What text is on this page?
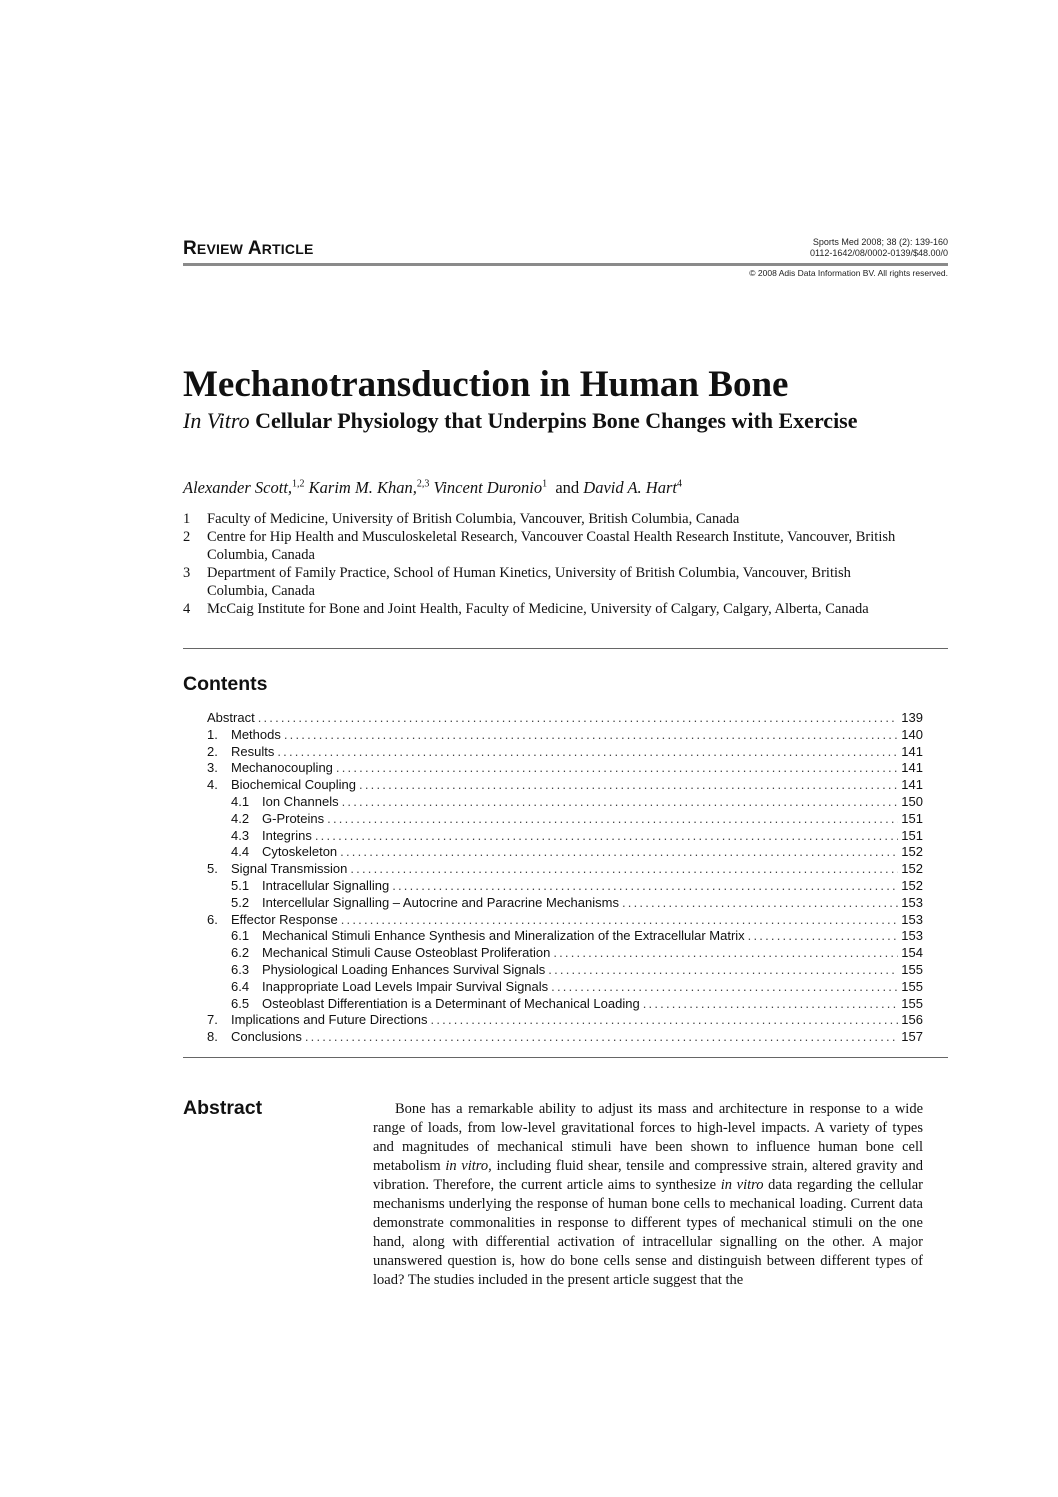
REVIEW ARTICLE	Sports Med 2008; 38 (2): 139-160
0112-1642/08/0002-0139/$48.00/0
© 2008 Adis Data Information BV. All rights reserved.
Mechanotransduction in Human Bone
In Vitro Cellular Physiology that Underpins Bone Changes with Exercise
Alexander Scott,$^{1,2}$ Karim M. Khan,$^{2,3}$ Vincent Duronio$^1$ and David A. Hart$^4$
1	Faculty of Medicine, University of British Columbia, Vancouver, British Columbia, Canada
2	Centre for Hip Health and Musculoskeletal Research, Vancouver Coastal Health Research Institute, Vancouver, British Columbia, Canada
3	Department of Family Practice, School of Human Kinetics, University of British Columbia, Vancouver, British Columbia, Canada
4	McCaig Institute for Bone and Joint Health, Faculty of Medicine, University of Calgary, Calgary, Alberta, Canada
Contents
Abstract .....	139
1.	Methods .....	140
2.	Results .....	141
3.	Mechanocoupling .....	141
4.	Biochemical Coupling .....	141
4.1 Ion Channels .....	150
4.2 G-Proteins .....	151
4.3 Integrins .....	151
4.4 Cytoskeleton .....	152
5.	Signal Transmission .....	152
5.1 Intracellular Signalling .....	152
5.2 Intercellular Signalling – Autocrine and Paracrine Mechanisms .....	153
6.	Effector Response .....	153
6.1 Mechanical Stimuli Enhance Synthesis and Mineralization of the Extracellular Matrix .....	153
6.2 Mechanical Stimuli Cause Osteoblast Proliferation .....	154
6.3 Physiological Loading Enhances Survival Signals .....	155
6.4 Inappropriate Load Levels Impair Survival Signals .....	155
6.5 Osteoblast Differentiation is a Determinant of Mechanical Loading .....	155
7.	Implications and Future Directions .....	156
8.	Conclusions .....	157
Abstract	Bone has a remarkable ability to adjust its mass and architecture in response to a wide range of loads, from low-level gravitational forces to high-level impacts. A variety of types and magnitudes of mechanical stimuli have been shown to influence human bone cell metabolism in vitro, including fluid shear, tensile and compressive strain, altered gravity and vibration. Therefore, the current article aims to synthesize in vitro data regarding the cellular mechanisms underlying the response of human bone cells to mechanical loading. Current data demonstrate commonalities in response to different types of mechanical stimuli on the one hand, along with differential activation of intracellular signalling on the other. A major unanswered question is, how do bone cells sense and distinguish between different types of load? The studies included in the present article suggest that the
